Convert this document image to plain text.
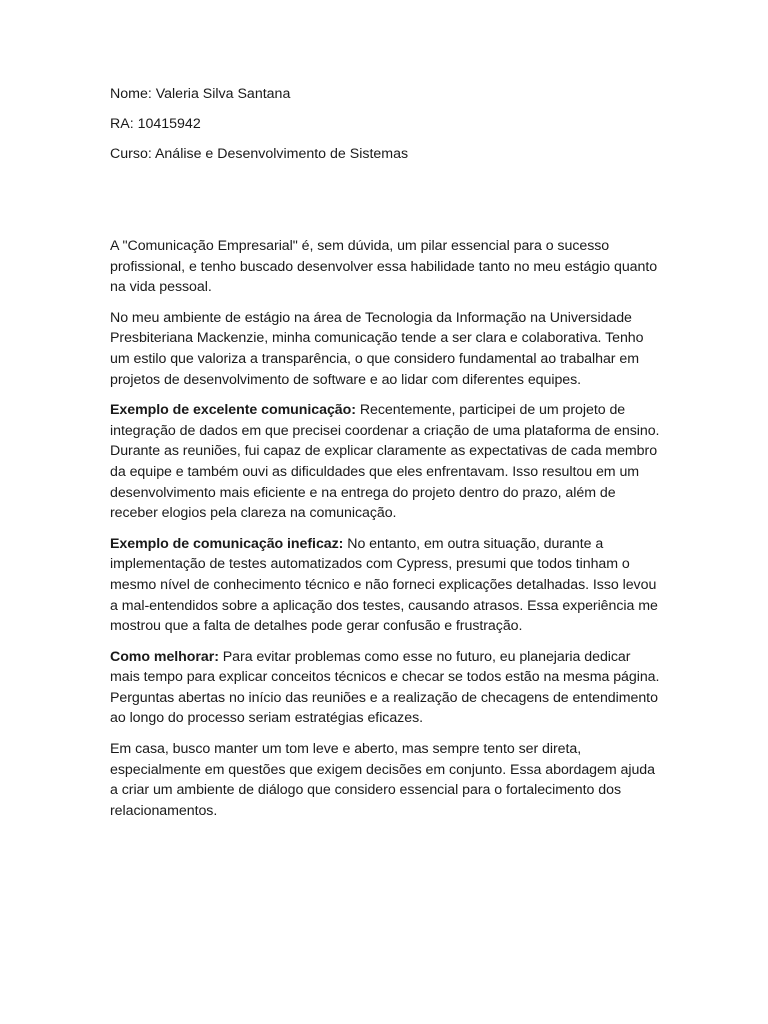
Nome: Valeria Silva Santana

RA: 10415942

Curso: Análise e Desenvolvimento de Sistemas

A "Comunicação Empresarial" é, sem dúvida, um pilar essencial para o sucesso profissional, e tenho buscado desenvolver essa habilidade tanto no meu estágio quanto na vida pessoal.

No meu ambiente de estágio na área de Tecnologia da Informação na Universidade Presbiteriana Mackenzie, minha comunicação tende a ser clara e colaborativa. Tenho um estilo que valoriza a transparência, o que considero fundamental ao trabalhar em projetos de desenvolvimento de software e ao lidar com diferentes equipes.

Exemplo de excelente comunicação: Recentemente, participei de um projeto de integração de dados em que precisei coordenar a criação de uma plataforma de ensino. Durante as reuniões, fui capaz de explicar claramente as expectativas de cada membro da equipe e também ouvi as dificuldades que eles enfrentavam. Isso resultou em um desenvolvimento mais eficiente e na entrega do projeto dentro do prazo, além de receber elogios pela clareza na comunicação.

Exemplo de comunicação ineficaz: No entanto, em outra situação, durante a implementação de testes automatizados com Cypress, presumi que todos tinham o mesmo nível de conhecimento técnico e não forneci explicações detalhadas. Isso levou a mal-entendidos sobre a aplicação dos testes, causando atrasos. Essa experiência me mostrou que a falta de detalhes pode gerar confusão e frustração.

Como melhorar: Para evitar problemas como esse no futuro, eu planejaria dedicar mais tempo para explicar conceitos técnicos e checar se todos estão na mesma página. Perguntas abertas no início das reuniões e a realização de checagens de entendimento ao longo do processo seriam estratégias eficazes.

Em casa, busco manter um tom leve e aberto, mas sempre tento ser direta, especialmente em questões que exigem decisões em conjunto. Essa abordagem ajuda a criar um ambiente de diálogo que considero essencial para o fortalecimento dos relacionamentos.
